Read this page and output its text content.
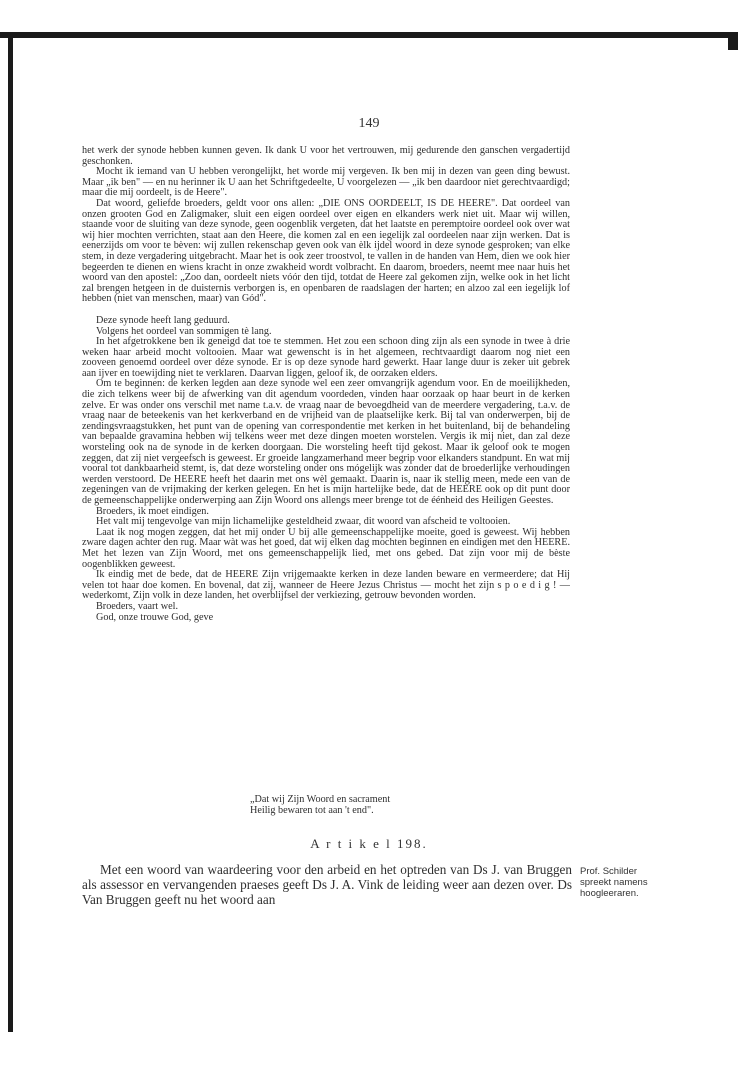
149

het werk der synode hebben kunnen geven. Ik dank U voor het vertrouwen, mij gedurende den ganschen vergadertijd geschonken.

Mocht ik iemand van U hebben verongelijkt, het worde mij vergeven. Ik ben mij in dezen van geen ding bewust. Maar „ik ben" — en nu herinner ik U aan het Schriftgedeelte, U voorgelezen — „ik ben daardoor niet gerechtvaardigd; maar die mij oordeelt, is de Heere".

Dat woord, geliefde broeders, geldt voor ons allen: „DIE ONS OORDEELT, IS DE HEERE". Dat oordeel van onzen grooten God en Zaligmaker, sluit een eigen oordeel over eigen en elkanders werk niet uit. Maar wij willen, staande voor de sluiting van deze synode, geen oogenblik vergeten, dat het laatste en peremptoire oordeel ook over wat wij hier mochten verrichten, staat aan den Heere, die komen zal en een iegelijk zal oordeelen naar zijn werken. Dat is eenerzijds om voor te bèven: wij zullen rekenschap geven ook van èlk ijdel woord in deze synode gesproken; van elke stem, in deze vergadering uitgebracht. Maar het is ook zeer troostvol, te vallen in de handen van Hem, dien we ook hier begeerden te dienen en wiens kracht in onze zwakheid wordt volbracht. En daarom, broeders, neemt mee naar huis het woord van den apostel: „Zoo dan, oordeelt niets vóór den tijd, totdat de Heere zal gekomen zijn, welke ook in het licht zal brengen hetgeen in de duisternis verborgen is, en openbaren de raadslagen der harten; en alzoo zal een iegelijk lof hebben (niet van menschen, maar) van Gód".

Deze synode heeft lang geduurd.

Volgens het oordeel van sommigen tè lang.

In het afgetrokkene ben ik geneigd dat toe te stemmen. Het zou een schoon ding zijn als een synode in twee à drie weken haar arbeid mocht voltooien. Maar wat gewenscht is in het algemeen, rechtvaardigt daarom nog niet een zooveen genoemd oordeel over déze synode. Er is op deze synode hard gewerkt. Haar lange duur is zeker uit gebrek aan ijver en toewijding niet te verklaren. Daarvan liggen, geloof ik, de oorzaken elders.

Om te beginnen: de kerken legden aan deze synode wel een zeer omvangrijk agendum voor. En de moeilijkheden, die zich telkens weer bij de afwerking van dit agendum voordeden, vinden haar oorzaak op haar beurt in de kerken zelve. Er was onder ons verschil met name t.a.v. de vraag naar de bevoegdheid van de meerdere vergadering, t.a.v. de vraag naar de beteekenis van het kerkverband en de vrijheid van de plaatselijke kerk. Bij tal van onderwerpen, bij de zendingsvraagstukken, het punt van de opening van correspondentie met kerken in het buitenland, bij de behandeling van bepaalde gravamina hebben wij telkens weer met deze dingen moeten worstelen. Vergis ik mij niet, dan zal deze worsteling ook na de synode in de kerken doorgaan. Die worsteling heeft tijd gekost. Maar ik geloof ook te mogen zeggen, dat zij niet vergeefsch is geweest. Er groeide langzamerhand meer begrip voor elkanders standpunt. En wat mij vooral tot dankbaarheid stemt, is, dat deze worsteling onder ons mógelijk was zonder dat de broederlijke verhoudingen werden verstoord. De HEERE heeft het daarin met ons wèl gemaakt. Daarin is, naar ik stellig meen, mede een van de zegeningen van de vrijmaking der kerken gelegen. En het is mijn hartelijke bede, dat de HEERE ook op dit punt door de gemeenschappelijke onderwerping aan Zijn Woord ons allengs meer brenge tot de éénheid des Heiligen Geestes.

Broeders, ik moet eindigen.

Het valt mij tengevolge van mijn lichamelijke gesteldheid zwaar, dit woord van afscheid te voltooien.

Laat ik nog mogen zeggen, dat het mij onder U bij alle gemeenschappelijke moeite, goed is geweest. Wij hebben zware dagen achter den rug. Maar wàt was het goed, dat wij elken dag mochten beginnen en eindigen met den HEERE. Met het lezen van Zijn Woord, met ons gemeenschappelijk lied, met ons gebed. Dat zijn voor mij de bèste oogenblikken geweest.

Ik eindig met de bede, dat de HEERE Zijn vrijgemaakte kerken in deze landen beware en vermeerdere; dat Hij velen tot haar doe komen. En bovenal, dat zij, wanneer de Heere Jezus Christus — mocht het zijn s p o e d i g ! — wederkomt, Zijn volk in deze landen, het overblijfsel der verkiezing, getrouw bevonden worden.

Broeders, vaart wel.

God, onze trouwe God, geve

„Dat wij Zijn Woord en sacrament
Heilig bewaren tot aan 't end".
A r t i k e l 198.

Met een woord van waardeering voor den arbeid en het optreden van Ds J. van Bruggen als assessor en vervangenden praeses geeft Ds J. A. Vink de leiding weer aan dezen over. Ds Van Bruggen geeft nu het woord aan

Prof. Schilder
spreekt namens
hoogleeraren.
